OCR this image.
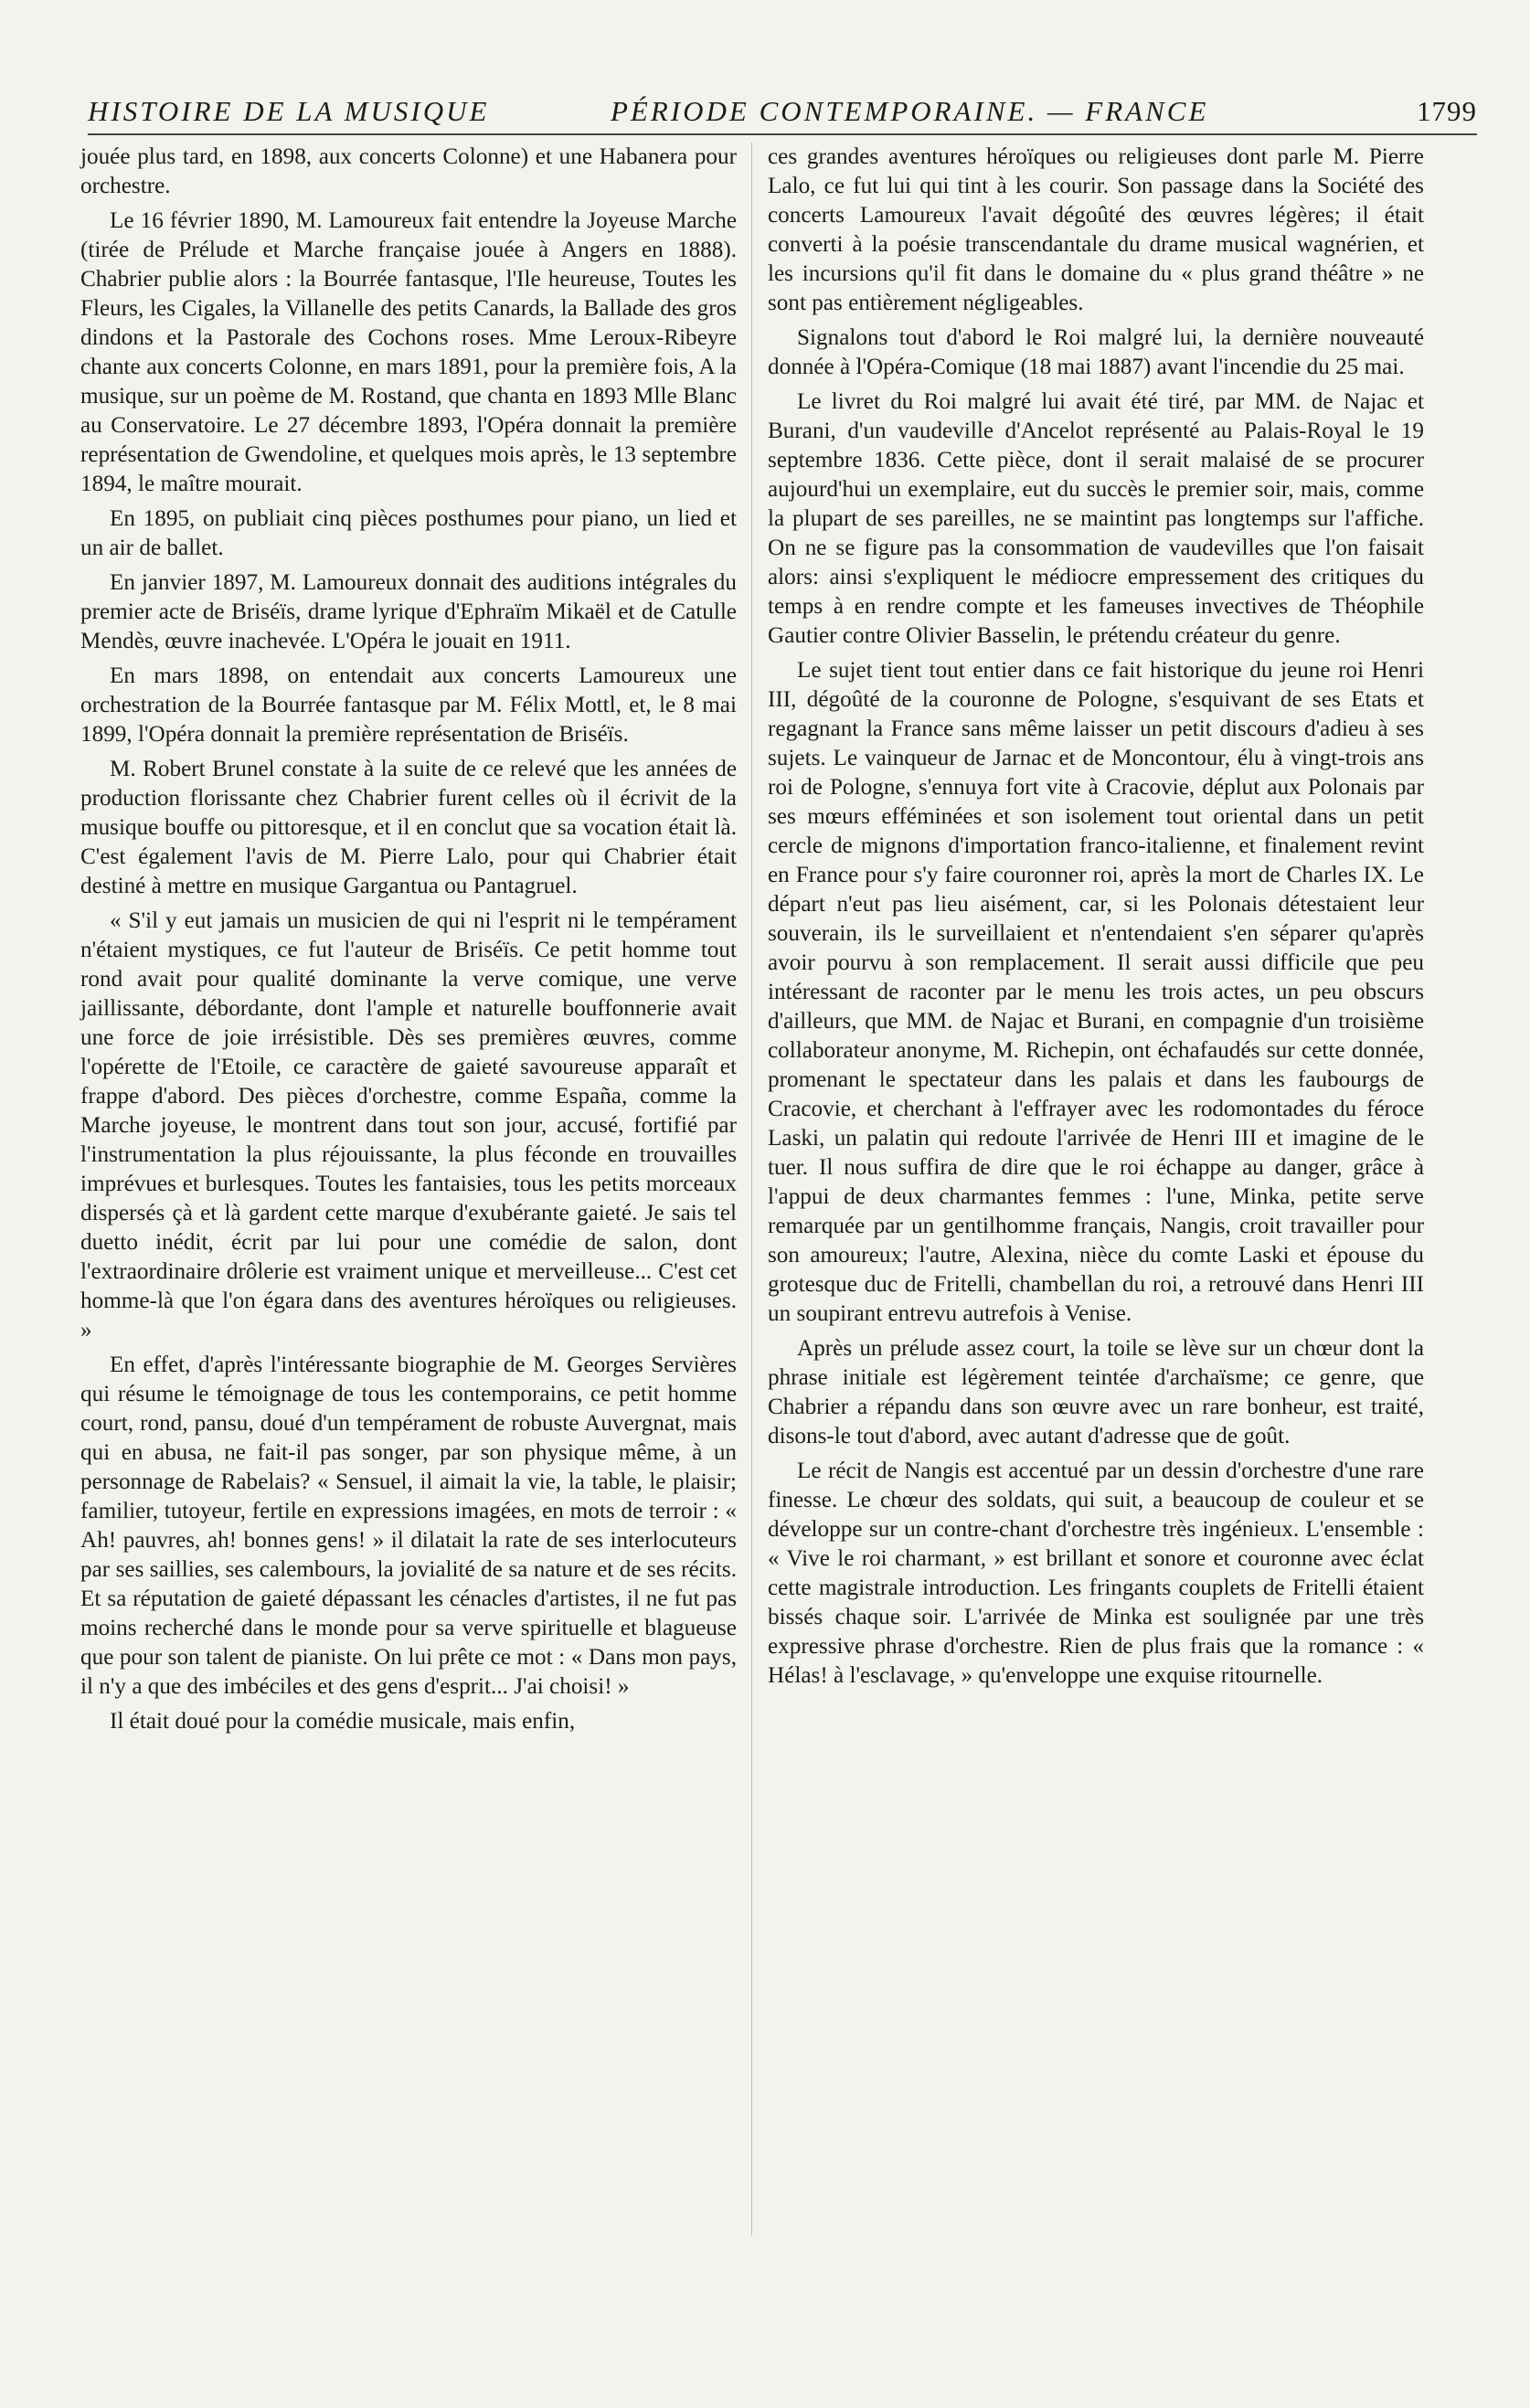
HISTOIRE DE LA MUSIQUE	PÉRIODE CONTEMPORAINE. — FRANCE	1799

jouée plus tard, en 1898, aux concerts Colonne) et une Habanera pour orchestre.

Le 16 février 1890, M. Lamoureux fait entendre la Joyeuse Marche (tirée de Prélude et Marche française jouée à Angers en 1888). Chabrier publie alors : la Bourrée fantasque, l'Ile heureuse, Toutes les Fleurs, les Cigales, la Villanelle des petits Canards, la Ballade des gros dindons et la Pastorale des Cochons roses. Mme Leroux-Ribeyre chante aux concerts Colonne, en mars 1891, pour la première fois, A la musique, sur un poème de M. Rostand, que chanta en 1893 Mlle Blanc au Conservatoire. Le 27 décembre 1893, l'Opéra donnait la première représentation de Gwendoline, et quelques mois après, le 13 septembre 1894, le maître mourait.

En 1895, on publiait cinq pièces posthumes pour piano, un lied et un air de ballet.

En janvier 1897, M. Lamoureux donnait des auditions intégrales du premier acte de Briséïs, drame lyrique d'Ephraïm Mikaël et de Catulle Mendès, œuvre inachevée. L'Opéra le jouait en 1911.

En mars 1898, on entendait aux concerts Lamoureux une orchestration de la Bourrée fantasque par M. Félix Mottl, et, le 8 mai 1899, l'Opéra donnait la première représentation de Briséïs.

M. Robert Brunel constate à la suite de ce relevé que les années de production florissante chez Chabrier furent celles où il écrivit de la musique bouffe ou pittoresque, et il en conclut que sa vocation était là. C'est également l'avis de M. Pierre Lalo, pour qui Chabrier était destiné à mettre en musique Gargantua ou Pantagruel.

« S'il y eut jamais un musicien de qui ni l'esprit ni le tempérament n'étaient mystiques, ce fut l'auteur de Briséïs. Ce petit homme tout rond avait pour qualité dominante la verve comique, une verve jaillissante, débordante, dont l'ample et naturelle bouffonnerie avait une force de joie irrésistible. Dès ses premières œuvres, comme l'opérette de l'Etoile, ce caractère de gaieté savoureuse apparaît et frappe d'abord. Des pièces d'orchestre, comme España, comme la Marche joyeuse, le montrent dans tout son jour, accusé, fortifié par l'instrumentation la plus réjouissante, la plus féconde en trouvailles imprévues et burlesques. Toutes les fantaisies, tous les petits morceaux dispersés çà et là gardent cette marque d'exubérante gaieté. Je sais tel duetto inédit, écrit par lui pour une comédie de salon, dont l'extraordinaire drôlerie est vraiment unique et merveilleuse... C'est cet homme-là que l'on égara dans des aventures héroïques ou religieuses. »

En effet, d'après l'intéressante biographie de M. Georges Servières qui résume le témoignage de tous les contemporains, ce petit homme court, rond, pansu, doué d'un tempérament de robuste Auvergnat, mais qui en abusa, ne fait-il pas songer, par son physique même, à un personnage de Rabelais? « Sensuel, il aimait la vie, la table, le plaisir; familier, tutoyeur, fertile en expressions imagées, en mots de terroir : « Ah! pauvres, ah! bonnes gens! » il dilatait la rate de ses interlocuteurs par ses saillies, ses calembours, la jovialité de sa nature et de ses récits. Et sa réputation de gaieté dépassant les cénacles d'artistes, il ne fut pas moins recherché dans le monde pour sa verve spirituelle et blagueuse que pour son talent de pianiste. On lui prête ce mot : « Dans mon pays, il n'y a que des imbéciles et des gens d'esprit... J'ai choisi! »

Il était doué pour la comédie musicale, mais enfin,

ces grandes aventures héroïques ou religieuses dont parle M. Pierre Lalo, ce fut lui qui tint à les courir. Son passage dans la Société des concerts Lamoureux l'avait dégoûté des œuvres légères; il était converti à la poésie transcendantale du drame musical wagnérien, et les incursions qu'il fit dans le domaine du « plus grand théâtre » ne sont pas entièrement négligeables.

Signalons tout d'abord le Roi malgré lui, la dernière nouveauté donnée à l'Opéra-Comique (18 mai 1887) avant l'incendie du 25 mai.

Le livret du Roi malgré lui avait été tiré, par MM. de Najac et Burani, d'un vaudeville d'Ancelot représenté au Palais-Royal le 19 septembre 1836. Cette pièce, dont il serait malaisé de se procurer aujourd'hui un exemplaire, eut du succès le premier soir, mais, comme la plupart de ses pareilles, ne se maintint pas longtemps sur l'affiche. On ne se figure pas la consommation de vaudevilles que l'on faisait alors: ainsi s'expliquent le médiocre empressement des critiques du temps à en rendre compte et les fameuses invectives de Théophile Gautier contre Olivier Basselin, le prétendu créateur du genre.

Le sujet tient tout entier dans ce fait historique du jeune roi Henri III, dégoûté de la couronne de Pologne, s'esquivant de ses Etats et regagnant la France sans même laisser un petit discours d'adieu à ses sujets. Le vainqueur de Jarnac et de Moncontour, élu à vingt-trois ans roi de Pologne, s'ennuya fort vite à Cracovie, déplut aux Polonais par ses mœurs efféminées et son isolement tout oriental dans un petit cercle de mignons d'importation franco-italienne, et finalement revint en France pour s'y faire couronner roi, après la mort de Charles IX. Le départ n'eut pas lieu aisément, car, si les Polonais détestaient leur souverain, ils le surveillaient et n'entendaient s'en séparer qu'après avoir pourvu à son remplacement. Il serait aussi difficile que peu intéressant de raconter par le menu les trois actes, un peu obscurs d'ailleurs, que MM. de Najac et Burani, en compagnie d'un troisième collaborateur anonyme, M. Richepin, ont échafaudés sur cette donnée, promenant le spectateur dans les palais et dans les faubourgs de Cracovie, et cherchant à l'effrayer avec les rodomontades du féroce Laski, un palatin qui redoute l'arrivée de Henri III et imagine de le tuer. Il nous suffira de dire que le roi échappe au danger, grâce à l'appui de deux charmantes femmes : l'une, Minka, petite serve remarquée par un gentilhomme français, Nangis, croit travailler pour son amoureux; l'autre, Alexina, nièce du comte Laski et épouse du grotesque duc de Fritelli, chambellan du roi, a retrouvé dans Henri III un soupirant entrevu autrefois à Venise.

Après un prélude assez court, la toile se lève sur un chœur dont la phrase initiale est légèrement teintée d'archaïsme; ce genre, que Chabrier a répandu dans son œuvre avec un rare bonheur, est traité, disons-le tout d'abord, avec autant d'adresse que de goût.

Le récit de Nangis est accentué par un dessin d'orchestre d'une rare finesse. Le chœur des soldats, qui suit, a beaucoup de couleur et se développe sur un contre-chant d'orchestre très ingénieux. L'ensemble : « Vive le roi charmant, » est brillant et sonore et couronne avec éclat cette magistrale introduction. Les fringants couplets de Fritelli étaient bissés chaque soir. L'arrivée de Minka est soulignée par une très expressive phrase d'orchestre. Rien de plus frais que la romance : « Hélas! à l'esclavage, » qu'enveloppe une exquise ritournelle.
